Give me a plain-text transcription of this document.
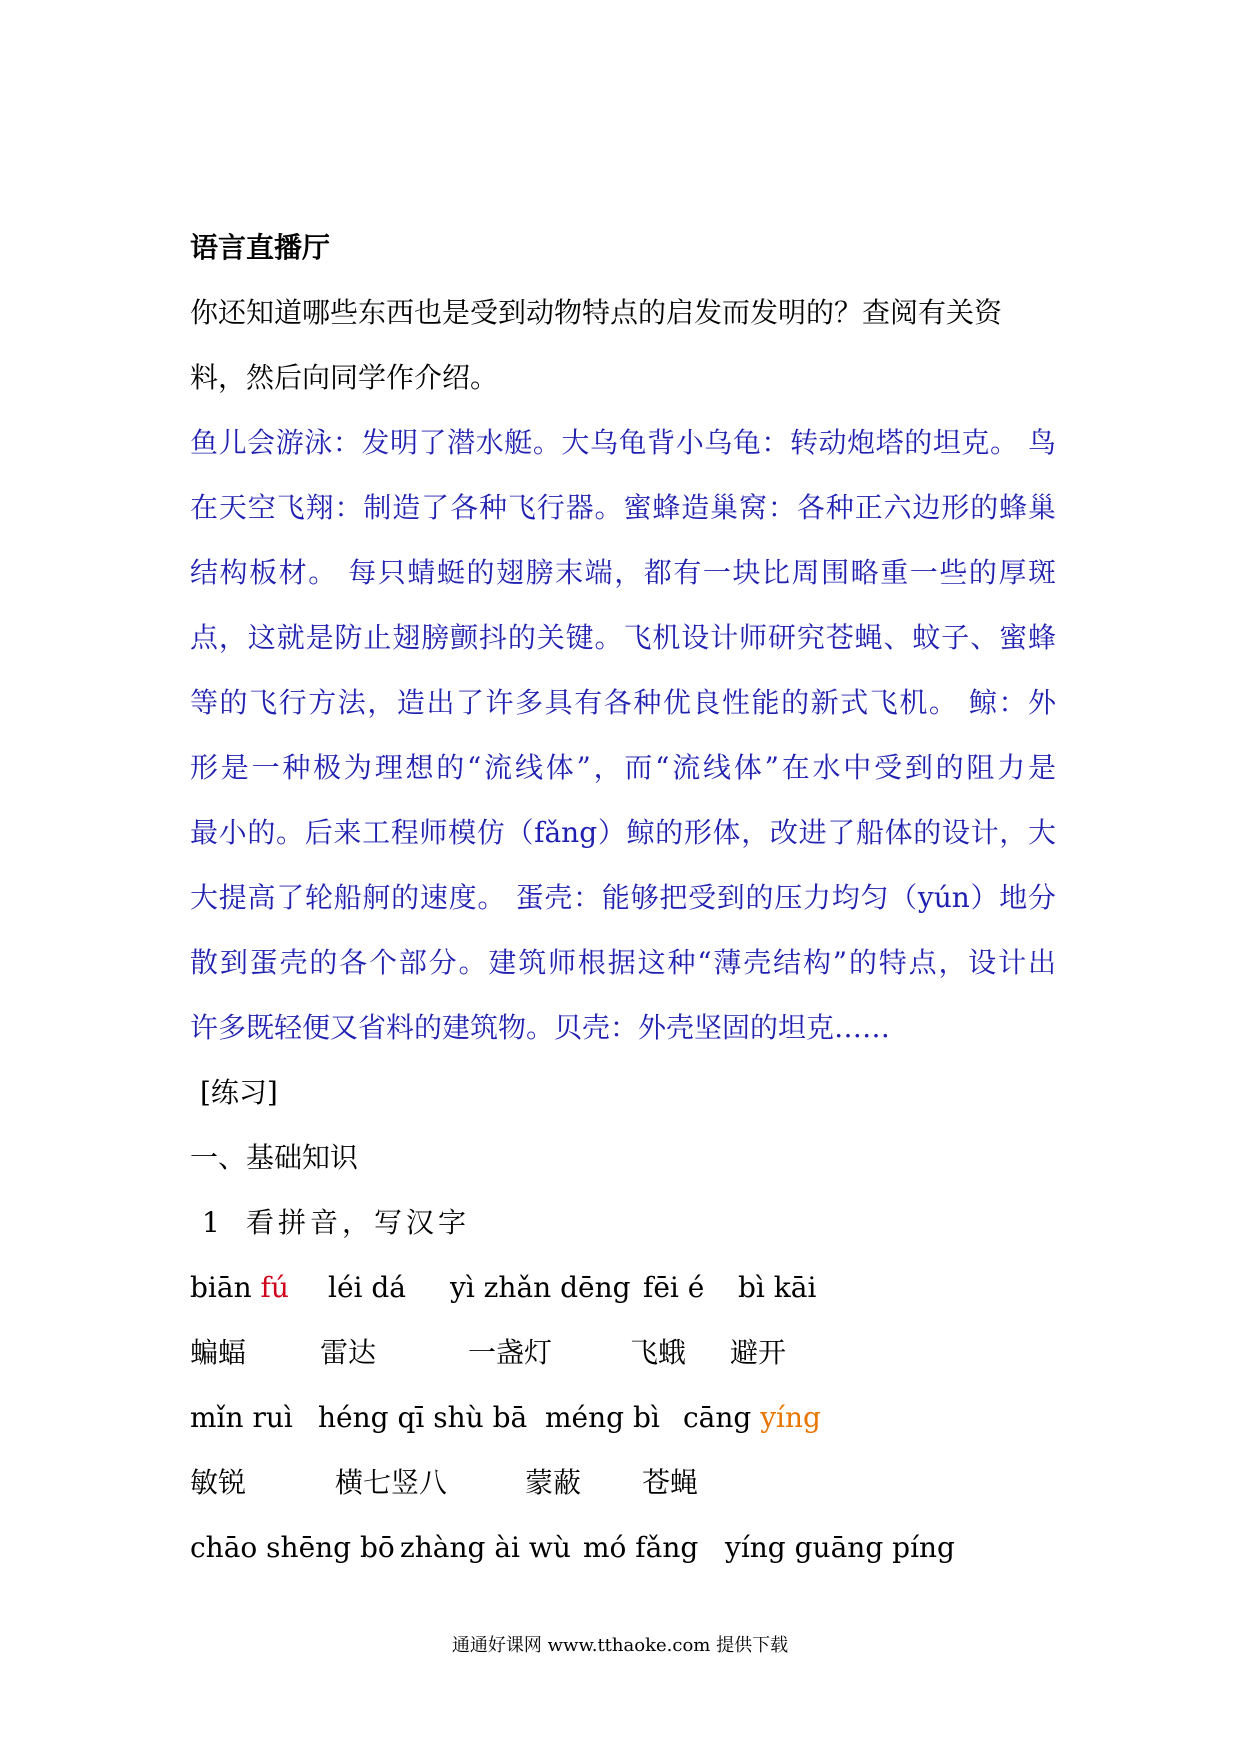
语言直播厅
你还知道哪些东西也是受到动物特点的启发而发明的？查阅有关资
料，然后向同学作介绍。
鱼儿会游泳：发明了潜水艇。大乌龟背小乌龟：转动炮塔的坦克。 鸟
在天空飞翔：制造了各种飞行器。蜜蜂造巢窝：各种正六边形的蜂巢
结构板材。 每只蜻蜓的翅膀末端，都有一块比周围略重一些的厚斑
点，这就是防止翅膀颤抖的关键。飞机设计师研究苍蝇、蚊子、蜜蜂
等的飞行方法，造出了许多具有各种优良性能的新式飞机。 鲸：外
形是一种极为理想的“流线体”，而“流线体”在水中受到的阻力是
最小的。后来工程师模仿（fǎng）鲸的形体，改进了船体的设计，大
大提高了轮船舸的速度。 蛋壳：能够把受到的压力均匀（yún）地分
散到蛋壳的各个部分。建筑师根据这种“薄壳结构”的特点，设计出
许多既轻便又省料的建筑物。贝壳：外壳坚固的坦克……
[练习]
一、基础知识
1 看拼音，写汉字
biān fú léi dá yì zhǎn dēng fēi é bì kāi
蝙蝠	雷达	一盏灯	飞蛾 避开
mǐn ruì héng qī shù bā méng bì cāng yíng
敏锐	横七竖八	蒙蔽 苍蝇
chāo shēng bō zhàng ài wù mó fǎng yíng guāng píng
通通好课网 www.tthaoke.com 提供下载
